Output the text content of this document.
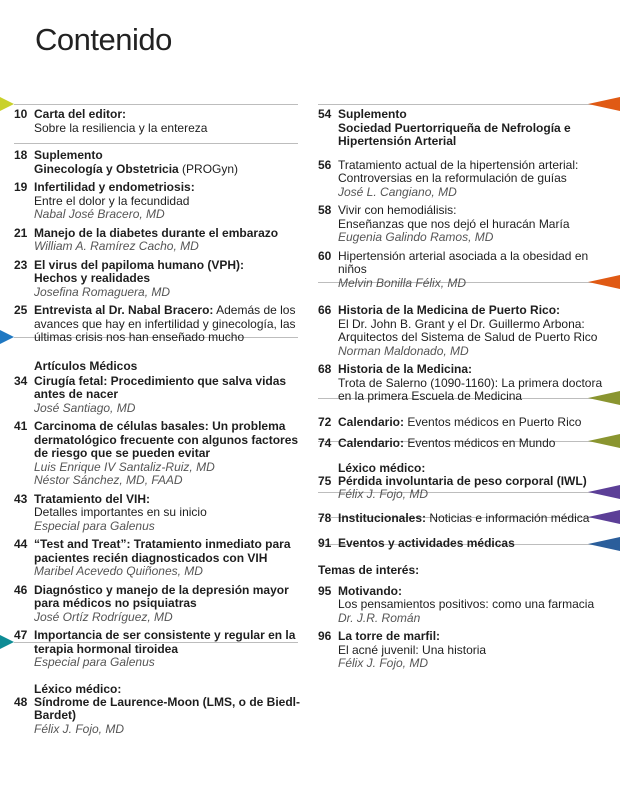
Contenido
10 Carta del editor:
Sobre la resiliencia y la entereza
18 Suplemento
Ginecología y Obstetricia (PROGyn)
19 Infertilidad y endometriosis:
Entre el dolor y la fecundidad
Nabal José Bracero, MD
21 Manejo de la diabetes durante el embarazo
William A. Ramírez Cacho, MD
23 El virus del papiloma humano (VPH):
Hechos y realidades
Josefina Romaguera, MD
25 Entrevista al Dr. Nabal Bracero: Además de los avances que hay en infertilidad y ginecología, las últimas crisis nos han enseñado mucho
Artículos Médicos
34 Cirugía fetal: Procedimiento que salva vidas antes de nacer
José Santiago, MD
41 Carcinoma de células basales: Un problema dermatológico frecuente con algunos factores de riesgo que se pueden evitar
Luis Enrique IV Santaliz-Ruiz, MD
Néstor Sánchez, MD, FAAD
43 Tratamiento del VIH:
Detalles importantes en su inicio
Especial para Galenus
44 “Test and Treat”: Tratamiento inmediato para pacientes recién diagnosticados con VIH
Maribel Acevedo Quiñones, MD
46 Diagnóstico y manejo de la depresión mayor para médicos no psiquiatras
José Ortíz Rodríguez, MD
47 Importancia de ser consistente y regular en la terapia hormonal tiroidea
Especial para Galenus
Léxico médico:
48 Síndrome de Laurence-Moon (LMS, o de Biedl-Bardet)
Félix J. Fojo, MD
54 Suplemento
Sociedad Puertorriqueña de Nefrología e Hipertensión Arterial
56 Tratamiento actual de la hipertensión arterial: Controversias en la reformulación de guías
José L. Cangiano, MD
58 Vivir con hemodiálisis:
Enseñanzas que nos dejó el huracán María
Eugenia Galindo Ramos, MD
60 Hipertensión arterial asociada a la obesidad en niños
Melvin Bonilla Félix, MD
66 Historia de la Medicina de Puerto Rico:
El Dr. John B. Grant y el Dr. Guillermo Arbona: Arquitectos del Sistema de Salud de Puerto Rico
Norman Maldonado, MD
68 Historia de la Medicina:
Trota de Salerno (1090-1160): La primera doctora en la primera Escuela de Medicina
72 Calendario: Eventos médicos en Puerto Rico
74 Calendario: Eventos médicos en Mundo
Léxico médico:
75 Pérdida involuntaria de peso corporal (IWL)
Félix J. Fojo, MD
78 Institucionales: Noticias e información médica
91 Eventos y actividades médicas
Temas de interés:
95 Motivando:
Los pensamientos positivos: como una farmacia
Dr. J.R. Román
96 La torre de marfil:
El acné juvenil: Una historia
Félix J. Fojo, MD
